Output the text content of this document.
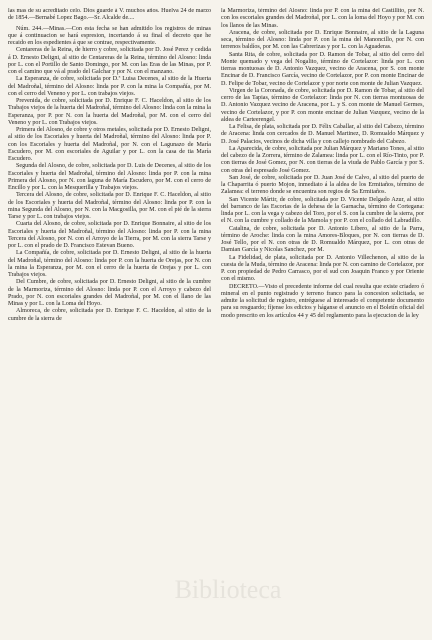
las mas de su acreditado celo. Dios guarde á V. muchos años. Huelva 24 de marzo de 1854.—Bernabé Lopez Bago.—Sr. Alcalde de....

Núm. 244.—Minas.—Con esta fecha se han admitido los registros de minas que á continuacion se hará espresion, incertando á su final el decreto que he recaido en los espedientes á que se contrae, respectivamente.

Centareras de la Reina, de hierro y cobre, solicitada por D. José Perez y cedida á D. Ernesto Deligni, al sitio de Centareras de la Reina, término del Alosno: linda por L. con el Portillo de Santo Domingo, por M. con las Eras de las Minas, por P. con el camino que vá al prado del Galchar y por N. con el manzano.

La Esperanza, de cobre, solicitada por D.ª Luisa Decenes, al sitio de la Huerta del Madroñal, término del Alosno: linda por P. con la mina la Compañía, por M. con el cerro del Veneno y por L. con trabajos viejos.

Prevenida, de cobre, solicitada por D. Enrique F. C. Haceldon, al sitio de los Trabajos viejos de la huerta del Madroñal, término del Alosno: linda con la mina la Esperanza, por P. por N. con la huerta del Madroñal, por M. con el cerro del Veneno y por L. con Trabajos viejos.

Primera del Alosno, de cobre y otros metales, solicitada por D. Ernesto Deligni, al sitio de los Escoriales y huerta del Madroñal, término del Alosno: linda por P. con los Escoriales y huerta del Madroñal, por N. con el Lagunazo de María Escudero, por M. con escoriales de Aguilar y por L. con la casa de tia María Escudero.

Segunda del Alosno, de cobre, solicitada por D. Luis de Decenes, al sitio de los Escoriales y huerta del Madroñal, término del Alosno: linda por P. con la mina Primera del Alosno, por N. con laguna de María Escudero, por M. con el cerro de Encillo y por L. con la Mesquerilla y Trabajos viejos.

Tercera del Alosno, de cobre, solicitada por D. Enrique F. C. Haceldon, al sitio de los Escoriales y huerta del Madroñal, término del Alosno: linda por P. con la mina Segunda del Alosno, por N. con la Macgosilla, por M. con el pié de la sierra Tarse y por L. con trabajos viejos.

Cuarta del Alosno, de cobre, solicitada por D. Enrique Bonnaire, al sitio de los Escoriales y huerta del Madroñal, término del Alosno: linda por P. con la mina Tercera del Alosno, por N. con el Arroyo de la Tierra, por M. con la sierra Tarse y por L. con el prado de D. Francisco Estevan Bueno.

La Compañía, de cobre, solicitada por D. Ernesto Deligni, al sitio de la huerta del Madroñal, término del Alosno: linda por P. con la huerta de Orejas, por N. con la mina la Esperanza, por M. con el cerro de la huerta de Orejas y por L. con Trabajos viejos.

Del Cumbre, de cobre, solicitada por D. Ernesto Deligni, al sitio de la cumbre de la Marmoriza, término del Alosno: linda por P. con el Arroyo y cabezo del Prado, por N. con escoriales grandes del Madroñal, por M. con el llano de las Minas y por L. con la Loma del Hoyo.

Almoreca, de cobre, solicitada por D. Enrique F. C. Haceldon, al sitio de la cumbre de la sierra de

la Marmoriza, término del Alosno: linda por P. con la mina del Castillito, por N. con los escoriales grandes del Madroñal, por L. con la loma del Hoyo y por M. con los llanos de las Minas.

Aracena, de cobre, solicitada por D. Enrique Bonnaire, al sitio de la Laguna seca, término del Alosno: linda por P. con la mina del Manoncillo, por N. con terrenos baldíos, por M. con las Cabrerizas y por L. con la Aguaderas.

Santa Rita, de cobre, solicitada por D. Ramon de Tobar, al sitio del cerro del Monte quemado y vega del Nogalito, término de Cortelazor: linda por L. con tierras montuosas de D. Antonio Vazquez, vecino de Aracena, por S. con monte Encinar de D. Francisco García, vecino de Cortelazor, por P. con monte Encinar de D. Felipe de Tobar, vecino de Cortelazor y por norte con monte de Julian Vazquez.

Virgen de la Coronada, de cobre, solicitada por D. Ramon de Tobar, al sitio del cerro de las Tapias, término de Cortelazor: linda por N. con tierras montuosas de D. Antonio Vazquez vecino de Aracena, por L. y S. con monte de Manuel Germes, vecino de Cortelazor, y por P. con monte encinar de Julian Vazquez, vecino de la aldea de Carteerengel.

La Felisa, de plata, solicitada por D. Félix Caballar, al sitio del Cabezo, término de Aracena: linda con cercados de D. Manuel Martinez, D. Romualdo Márquez y D. José Palacios, vecinos de dicha villa y con callejo nombrado del Cabezo.

La Aparecida, de cobre, solicitada por Julian Márquez y Mariano Tones, al sitio del cabezo de la Zorrera, término de Zalamea: linda por L. con el Río-Tinto, por P. con tierras de José Gomez, por N. con tierras de la viuda de Pablo García y por S. con otras del espresado José Gomez.

San José, de cobre, solicitada por D. Juan José de Calvo, al sitio del puerto de la Chaparrita ó puerto Mojon, inmediato á la aldea de los Ermitaños, término de Zalamea: el terreno donde se encuentra son regios de Sa Ermitaños.

San Vicente Mártir, de cobre, solicitada por D. Vicente Delgado Azur, al sitio del barranco de las Escorias de la dehesa de la Garnacha, término de Cortegana: linda por L. con la vega y cabezo del Toro, por el S. con la cumbre de la sierra, por el N. con la cumbre y collado de la Mamola y por P. con el collado del Labradillo.

Catalina, de cobre, solicitada por D. Antonio Libero, al sitio de la Parra, término de Aroche: linda con la mina Amores-Bloques, por N. con tierras de D. José Tello, por el N. con otras de D. Romualdo Márquez, por L. con otras de Damian García y Nicolas Sanchez, por M.

La Fidelidad, de plata, solicitada por D. Antonio Villechenon, al sitio de la cuesta de la Muda, término de Aracena: linda por N. con camino de Cortelazor, por P. con propiedad de Pedro Carrasco, por el sud con Joaquin Franco y por Oriente con el mismo.

DECRETO.—Visto el precedente informe del cual resulta que existe criadero ó mineral en el punto registrado y terreno franco para la concesion solicitada, se admite la solicitud de registro, entréguese al interesado el competente documento para su resguardo; fíjense los edictos y háganse el anuncio en el Boletín oficial del modo prescrito en los artículos 44 y 45 del reglamento para la ejecucion de la ley

Biblioteca
